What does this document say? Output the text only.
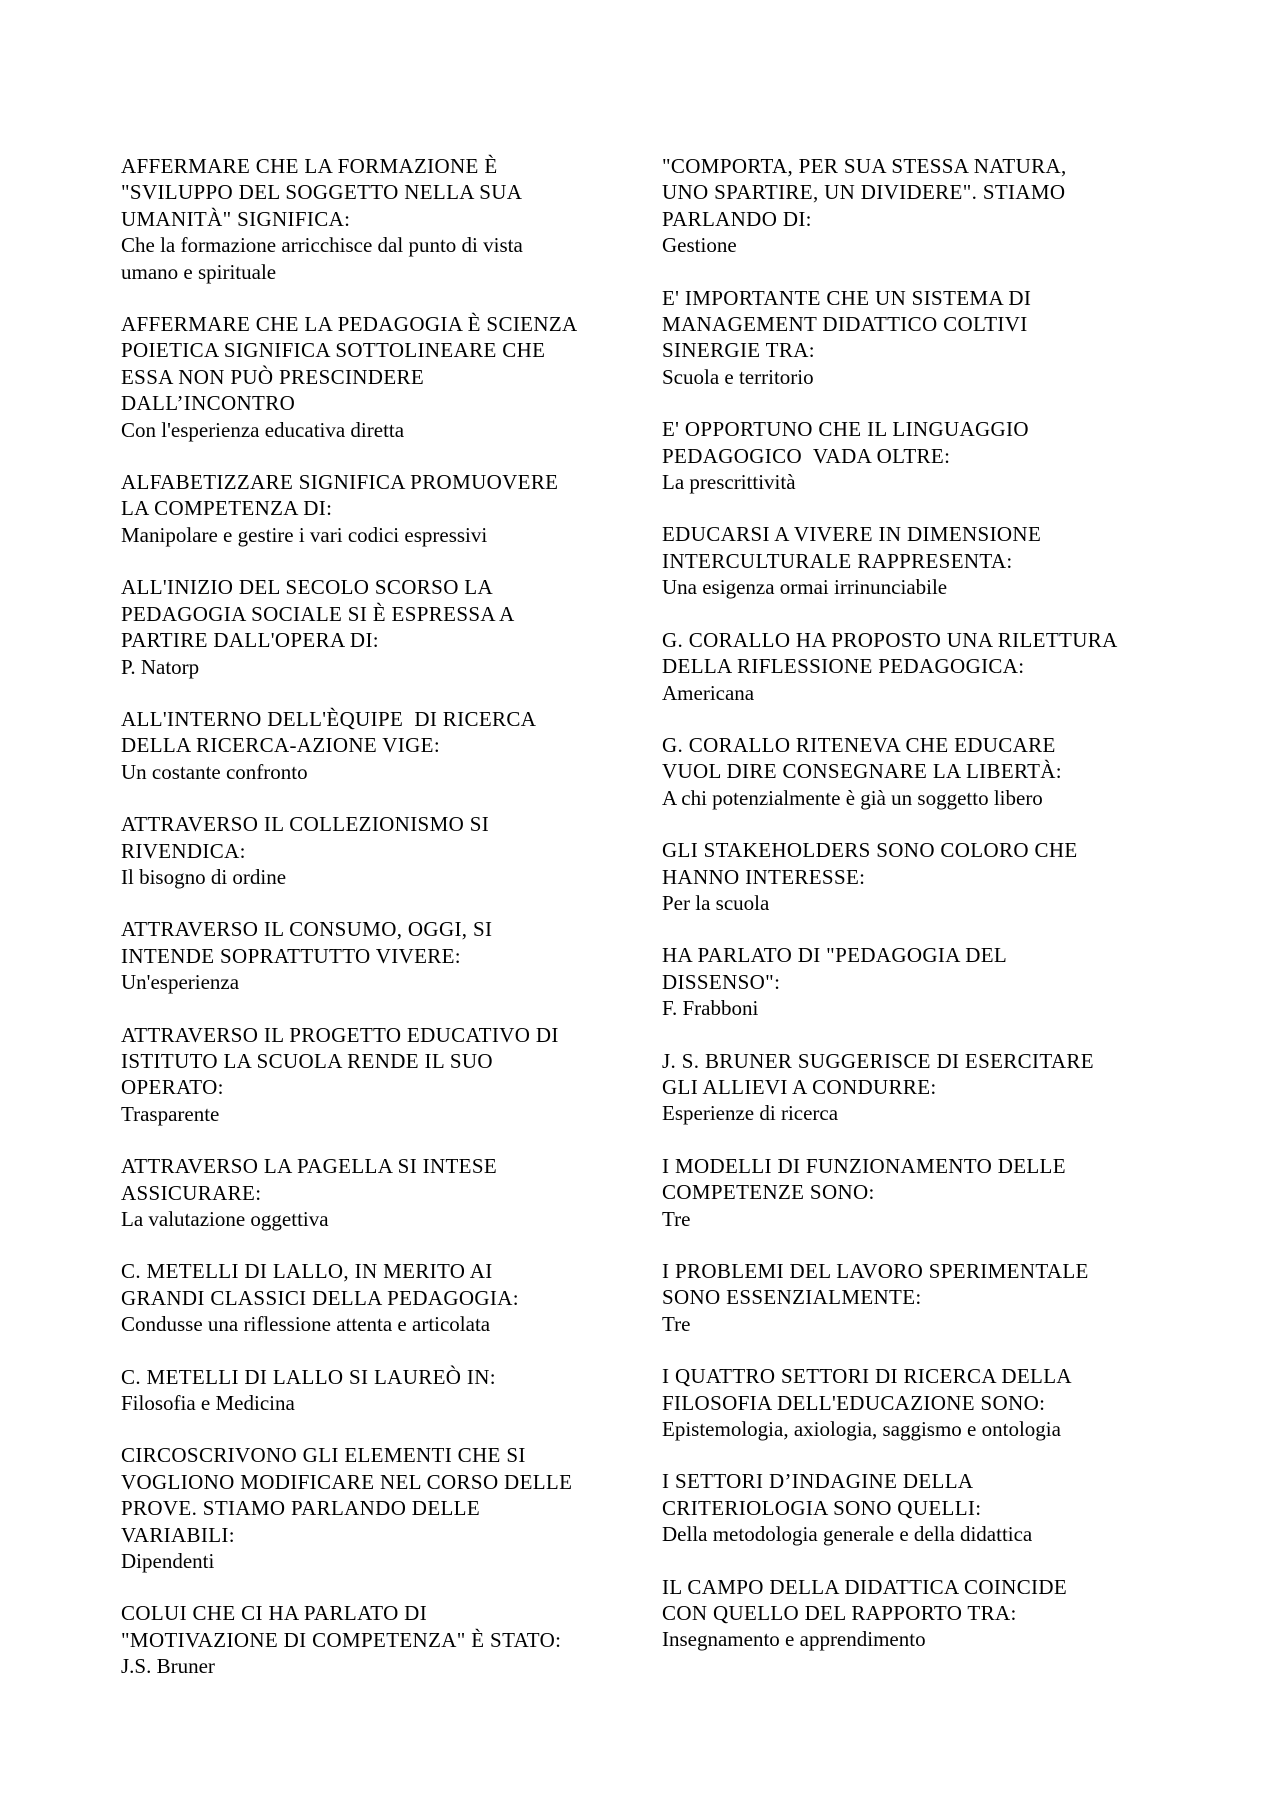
AFFERMARE CHE LA FORMAZIONE È
"SVILUPPO DEL SOGGETTO NELLA SUA
UMANITÀ" SIGNIFICA:

Che la formazione arricchisce dal punto di vista
umano e spirituale

AFFERMARE CHE LA PEDAGOGIA È SCIENZA
POIETICA SIGNIFICA SOTTOLINEARE CHE
ESSA NON PUÒ PRESCINDERE
DALL’INCONTRO

Con l'esperienza educativa diretta

ALFABETIZZARE SIGNIFICA PROMUOVERE
LA COMPETENZA DI:

Manipolare e gestire i vari codici espressivi

ALL'INIZIO DEL SECOLO SCORSO LA
PEDAGOGIA SOCIALE SI È ESPRESSA A
PARTIRE DALL'OPERA DI:

P. Natorp

ALL'INTERNO DELL'ÈQUIPE  DI RICERCA
DELLA RICERCA-AZIONE VIGE:

Un costante confronto

ATTRAVERSO IL COLLEZIONISMO SI
RIVENDICA:

Il bisogno di ordine

ATTRAVERSO IL CONSUMO, OGGI, SI
INTENDE SOPRATTUTTO VIVERE:

Un'esperienza

ATTRAVERSO IL PROGETTO EDUCATIVO DI
ISTITUTO LA SCUOLA RENDE IL SUO
OPERATO:

Trasparente

ATTRAVERSO LA PAGELLA SI INTESE
ASSICURARE:

La valutazione oggettiva

C. METELLI DI LALLO, IN MERITO AI
GRANDI CLASSICI DELLA PEDAGOGIA:

Condusse una riflessione attenta e articolata

C. METELLI DI LALLO SI LAUREÒ IN:

Filosofia e Medicina

CIRCOSCRIVONO GLI ELEMENTI CHE SI
VOGLIONO MODIFICARE NEL CORSO DELLE
PROVE. STIAMO PARLANDO DELLE
VARIABILI:

Dipendenti

COLUI CHE CI HA PARLATO DI
"MOTIVAZIONE DI COMPETENZA" È STATO:

J.S. Bruner

"COMPORTA, PER SUA STESSA NATURA,
UNO SPARTIRE, UN DIVIDERE". STIAMO
PARLANDO DI:

Gestione

E' IMPORTANTE CHE UN SISTEMA DI
MANAGEMENT DIDATTICO COLTIVI
SINERGIE TRA:

Scuola e territorio

E' OPPORTUNO CHE IL LINGUAGGIO
PEDAGOGICO  VADA OLTRE:

La prescrittività

EDUCARSI A VIVERE IN DIMENSIONE
INTERCULTURALE RAPPRESENTA:

Una esigenza ormai irrinunciabile

G. CORALLO HA PROPOSTO UNA RILETTURA
DELLA RIFLESSIONE PEDAGOGICA:

Americana

G. CORALLO RITENEVA CHE EDUCARE
VUOL DIRE CONSEGNARE LA LIBERTÀ:

A chi potenzialmente è già un soggetto libero

GLI STAKEHOLDERS SONO COLORO CHE
HANNO INTERESSE:

Per la scuola

HA PARLATO DI "PEDAGOGIA DEL
DISSENSO":

F. Frabboni

J. S. BRUNER SUGGERISCE DI ESERCITARE
GLI ALLIEVI A CONDURRE:

Esperienze di ricerca

I MODELLI DI FUNZIONAMENTO DELLE
COMPETENZE SONO:

Tre

I PROBLEMI DEL LAVORO SPERIMENTALE
SONO ESSENZIALMENTE:

Tre

I QUATTRO SETTORI DI RICERCA DELLA
FILOSOFIA DELL'EDUCAZIONE SONO:

Epistemologia, axiologia, saggismo e ontologia

I SETTORI D’INDAGINE DELLA
CRITERIOLOGIA SONO QUELLI:

Della metodologia generale e della didattica

IL CAMPO DELLA DIDATTICA COINCIDE
CON QUELLO DEL RAPPORTO TRA:

Insegnamento e apprendimento
